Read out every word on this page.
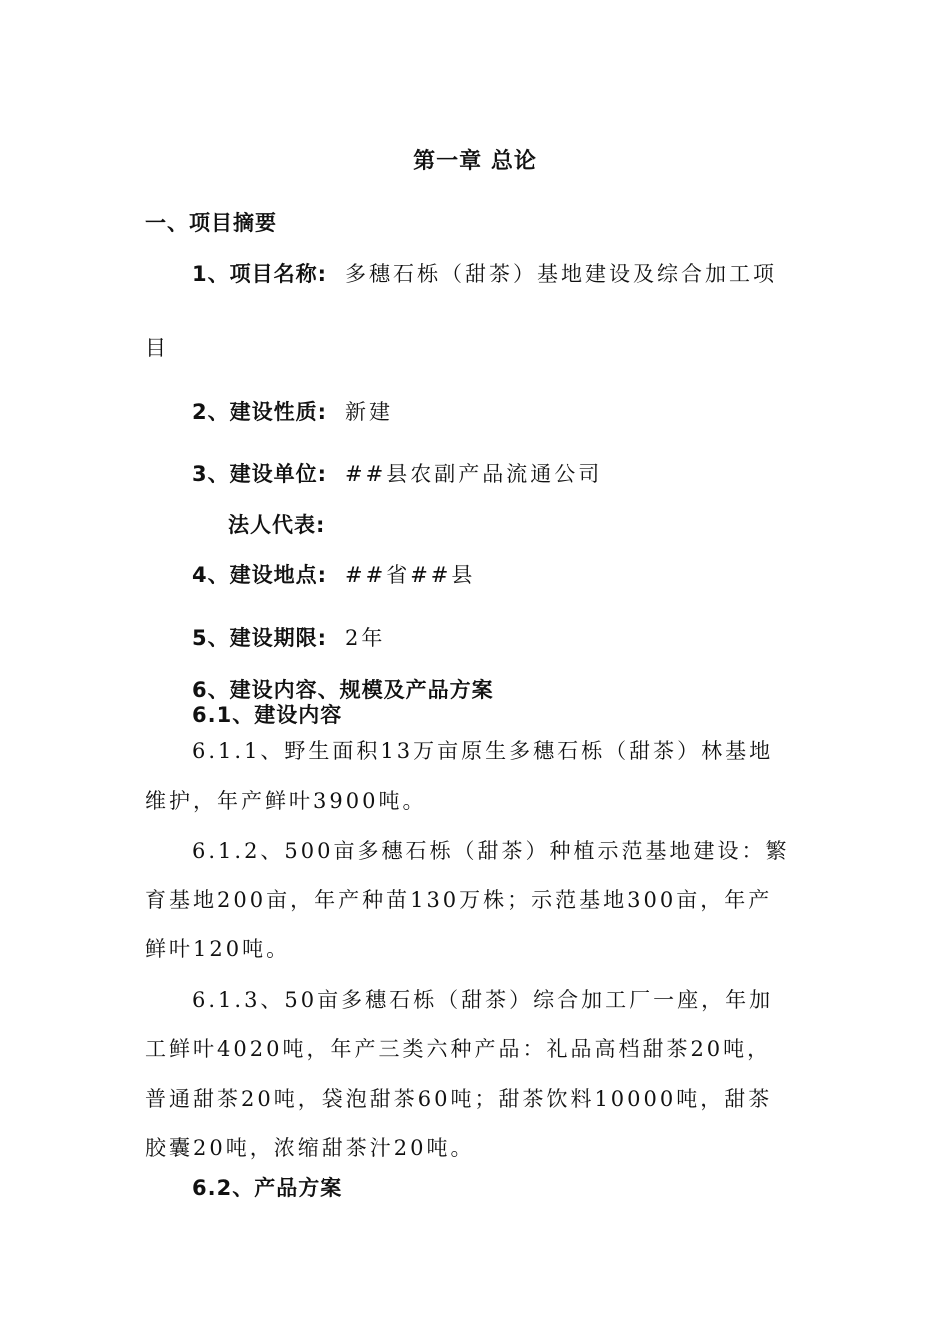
第一章 总论
一、项目摘要
1、项目名称: 多穗石栎（甜茶）基地建设及综合加工项
目
2、建设性质: 新建
3、建设单位: ##县农副产品流通公司
法人代表:
4、建设地点: ##省##县
5、建设期限: 2年
6、建设内容、规模及产品方案
6.1、建设内容
6.1.1、野生面积13万亩原生多穗石栎（甜茶）林基地
维护，年产鲜叶3900吨。
6.1.2、500亩多穗石栎（甜茶）种植示范基地建设：繁
育基地200亩，年产种苗130万株；示范基地300亩，年产
鲜叶120吨。
6.1.3、50亩多穗石栎（甜茶）综合加工厂一座，年加
工鲜叶4020吨，年产三类六种产品：礼品高档甜茶20吨，
普通甜茶20吨，袋泡甜茶60吨；甜茶饮料10000吨，甜茶
胶囊20吨，浓缩甜茶汁20吨。
6.2、产品方案
